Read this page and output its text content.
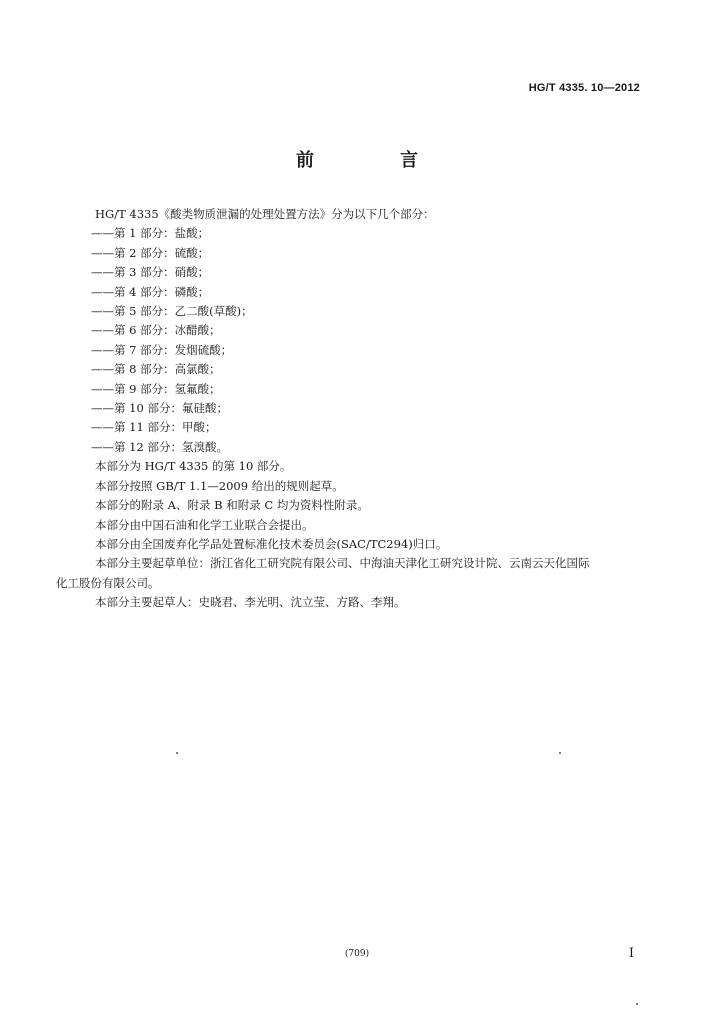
HG/T 4335. 10—2012
前　言
HG/T 4335《酸类物质泄漏的处理处置方法》分为以下几个部分：
——第 1 部分：盐酸；
——第 2 部分：硫酸；
——第 3 部分：硝酸；
——第 4 部分：磷酸；
——第 5 部分：乙二酸(草酸)；
——第 6 部分：冰醋酸；
——第 7 部分：发烟硫酸；
——第 8 部分：高氯酸；
——第 9 部分：氢氟酸；
——第 10 部分：氟硅酸；
——第 11 部分：甲酸；
——第 12 部分：氢溴酸。
本部分为 HG/T 4335 的第 10 部分。
本部分按照 GB/T 1.1—2009 给出的规则起草。
本部分的附录 A、附录 B 和附录 C 均为资料性附录。
本部分由中国石油和化学工业联合会提出。
本部分由全国废弃化学品处置标准化技术委员会(SAC/TC294)归口。
本部分主要起草单位：浙江省化工研究院有限公司、中海油天津化工研究设计院、云南云天化国际
化工股份有限公司。
本部分主要起草人：史晓君、李光明、沈立莹、方路、李翔。
(709)	I
